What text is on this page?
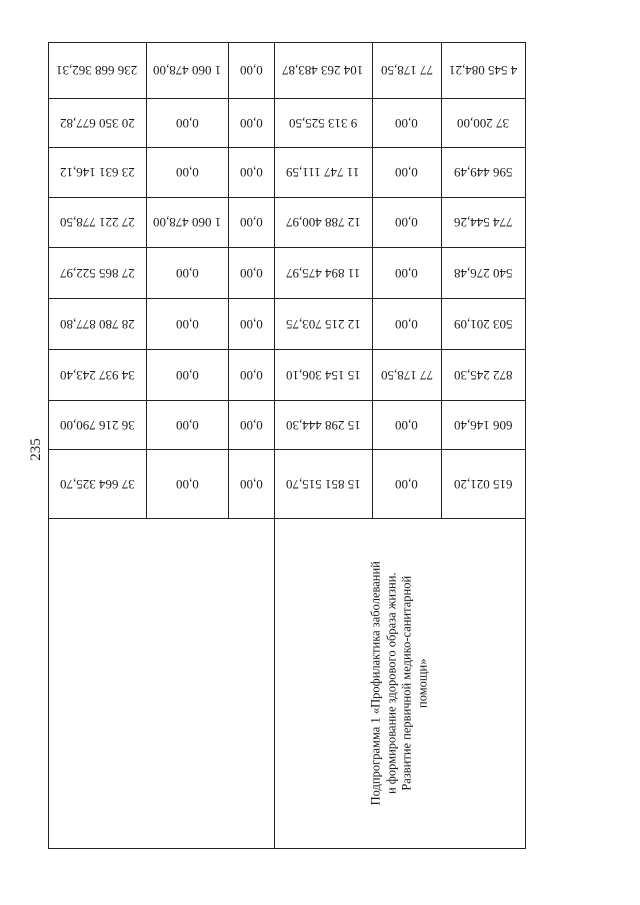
235
236 668 362,31
20 350 677,82
23 631 146,12
27 221 778,50
27 865 522,97
28 780 877,80
34 937 243,40
36 216 790,00
37 664 325,70
1 060 478,00
0,00
0,00
1 060 478,00
0,00
0,00
0,00
0,00
0,00
0,00
0,00
0,00
0,00
0,00
0,00
0,00
0,00
0,00
104 263 483,87
9 313 525,50
11 747 111,59
12 788 400,97
11 894 475,97
12 215 703,75
15 154 306,10
15 298 444,30
15 851 515,70
77 178,50
0,00
0,00
0,00
0,00
0,00
77 178,50
0,00
0,00
4 545 084,21
37 200,00
596 449,49
774 544,26
540 276,48
503 201,09
872 245,30
606 146,40
615 021,20
Подпрограмма 1 «Профилактика заболеваний и формирование здорового образа жизни. Развитие первичной медико-санитарной помощи»
